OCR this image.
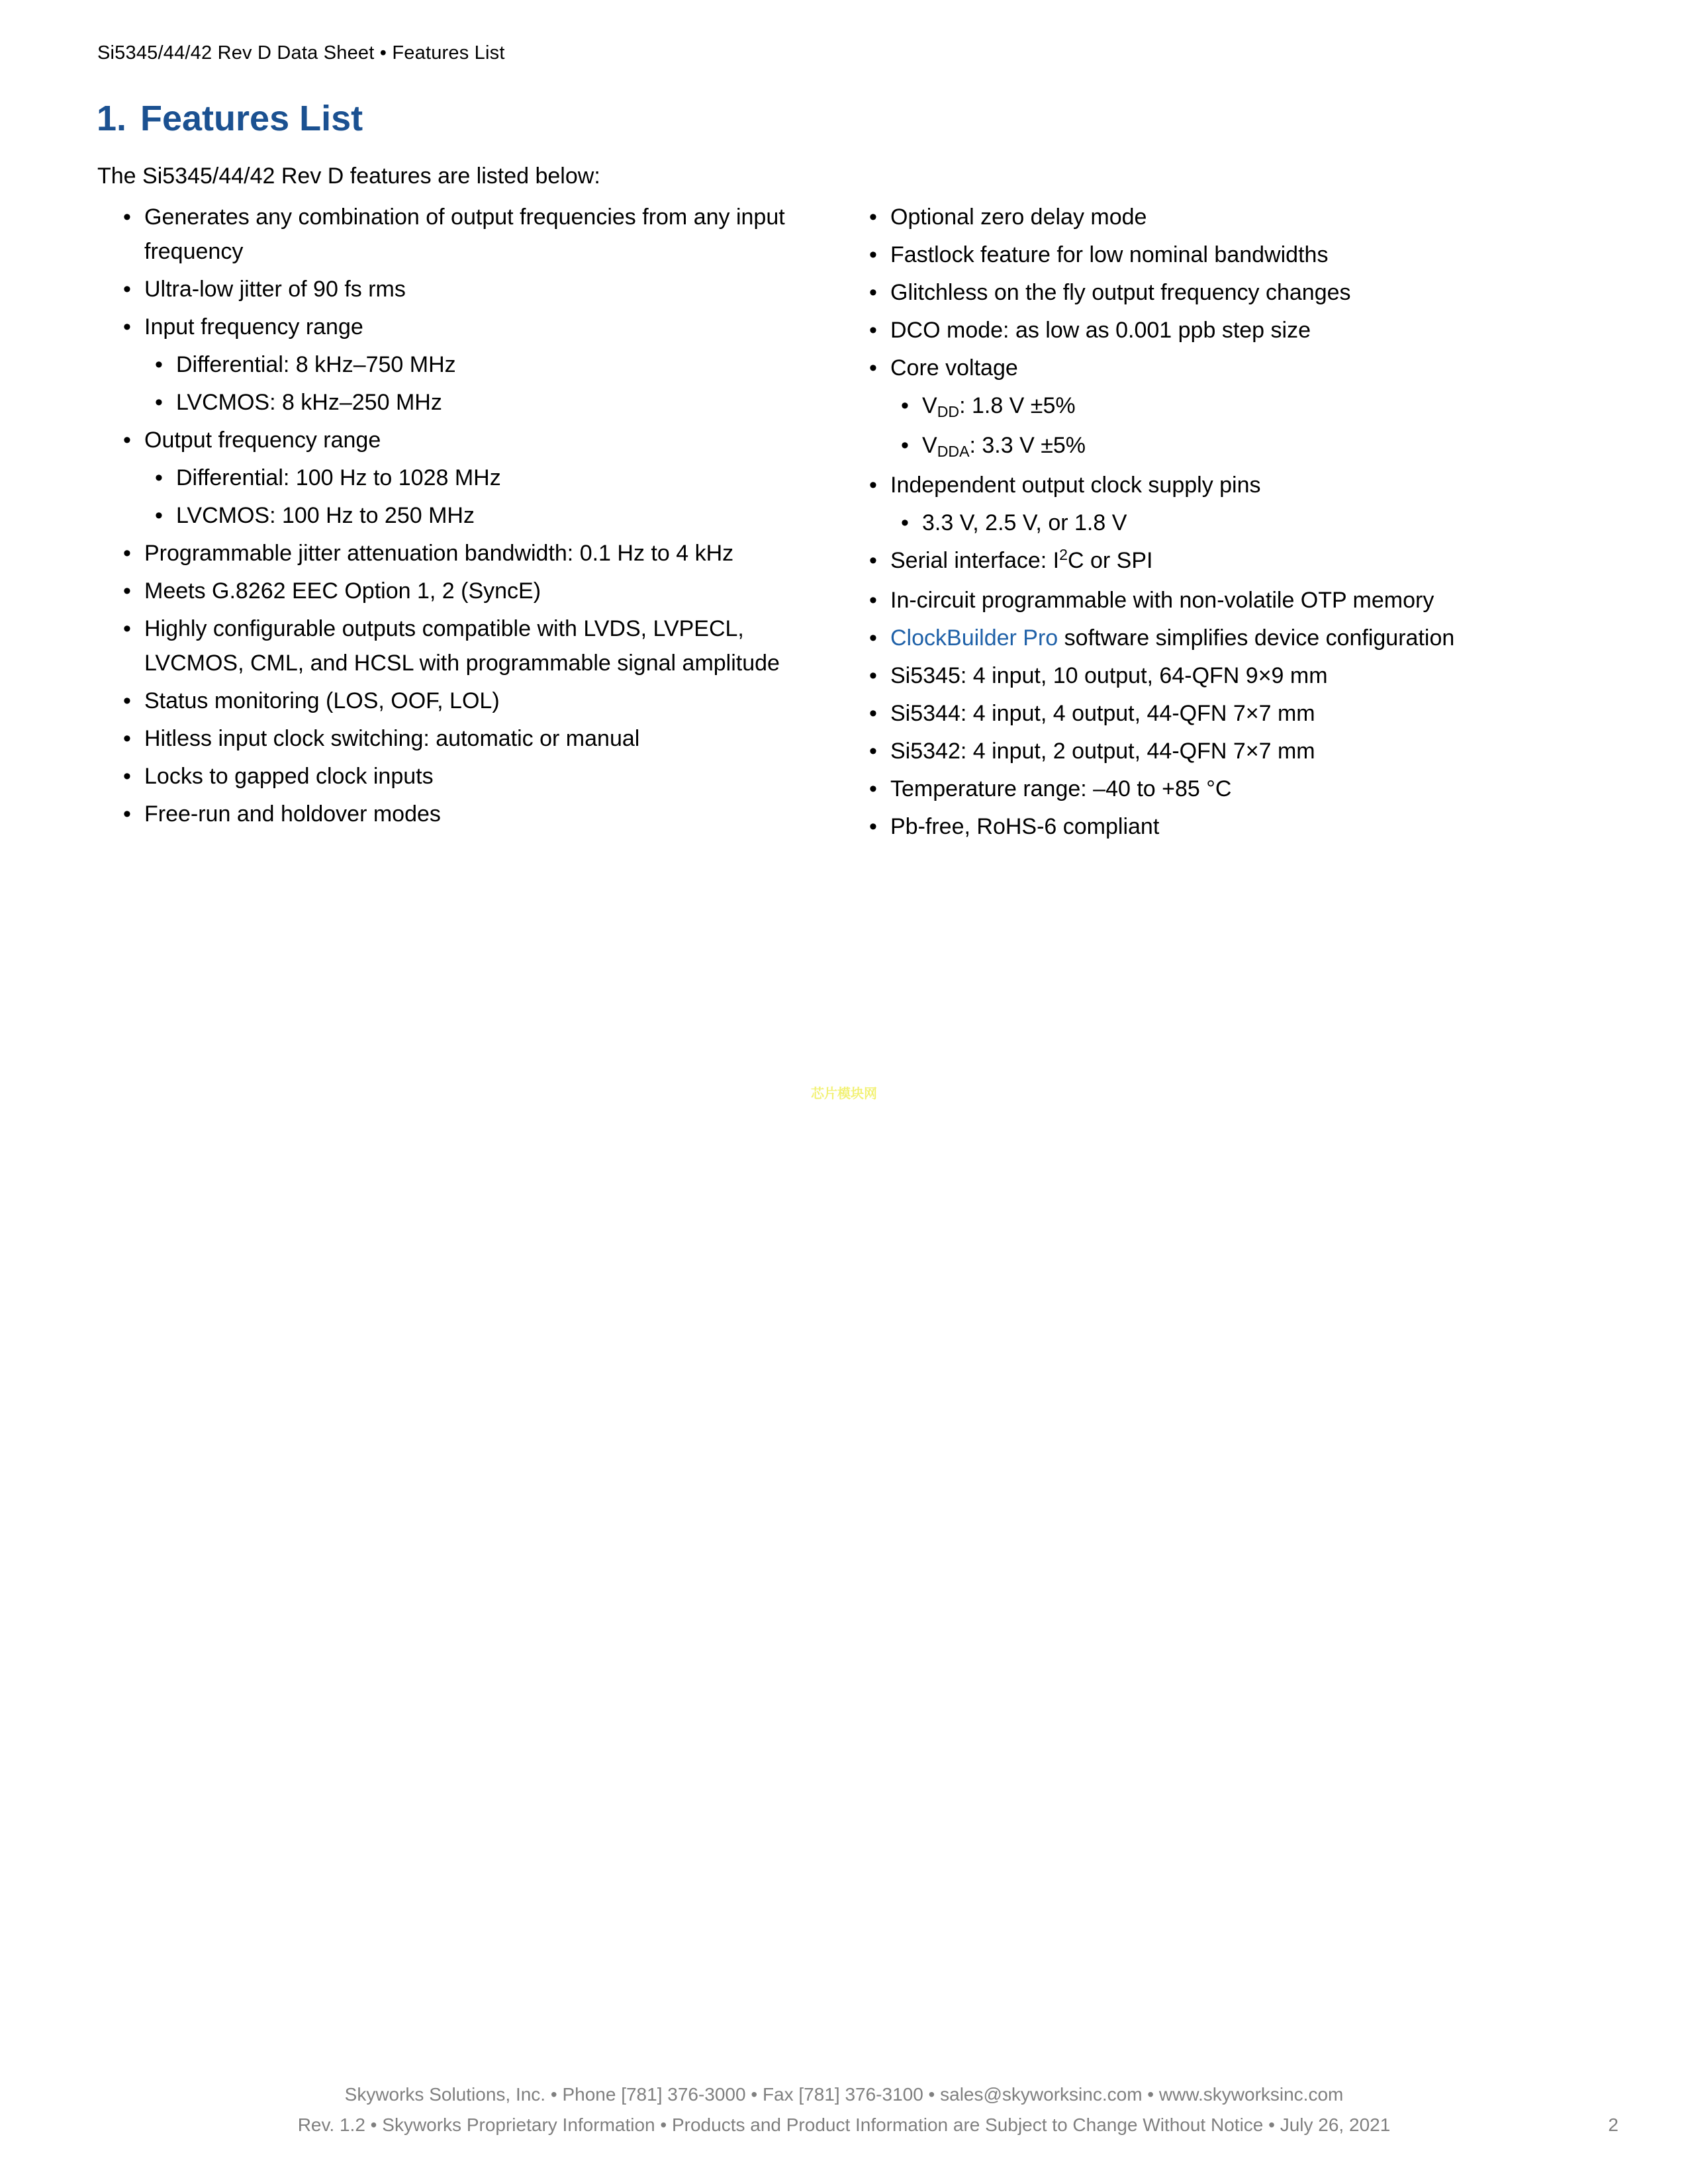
Si5345/44/42 Rev D Data Sheet • Features List
1. Features List

The Si5345/44/42 Rev D features are listed below:

• Generates any combination of output frequencies from any input frequency
• Ultra-low jitter of 90 fs rms
• Input frequency range
• Differential: 8 kHz–750 MHz
• LVCMOS: 8 kHz–250 MHz
• Output frequency range
• Differential: 100 Hz to 1028 MHz
• LVCMOS: 100 Hz to 250 MHz
• Programmable jitter attenuation bandwidth: 0.1 Hz to 4 kHz
• Meets G.8262 EEC Option 1, 2 (SyncE)
• Highly configurable outputs compatible with LVDS, LVPECL, LVCMOS, CML, and HCSL with programmable signal amplitude
• Status monitoring (LOS, OOF, LOL)
• Hitless input clock switching: automatic or manual
• Locks to gapped clock inputs
• Free-run and holdover modes
• Optional zero delay mode
• Fastlock feature for low nominal bandwidths
• Glitchless on the fly output frequency changes
• DCO mode: as low as 0.001 ppb step size
• Core voltage
• $V_{DD}$: 1.8 V ±5%
• $V_{DDA}$: 3.3 V ±5%
• Independent output clock supply pins
• 3.3 V, 2.5 V, or 1.8 V
• Serial interface: $I^2C$ or SPI
• In-circuit programmable with non-volatile OTP memory
• ClockBuilder Pro software simplifies device configuration
• Si5345: 4 input, 10 output, 64-QFN 9×9 mm
• Si5344: 4 input, 4 output, 44-QFN 7×7 mm
• Si5342: 4 input, 2 output, 44-QFN 7×7 mm
• Temperature range: –40 to +85 °C
• Pb-free, RoHS-6 compliant
芯片模块网
Skyworks Solutions, Inc. • Phone [781] 376-3000 • Fax [781] 376-3100 • sales@skyworksinc.com • www.skyworksinc.com
Rev. 1.2 • Skyworks Proprietary Information • Products and Product Information are Subject to Change Without Notice • July 26, 2021	2
